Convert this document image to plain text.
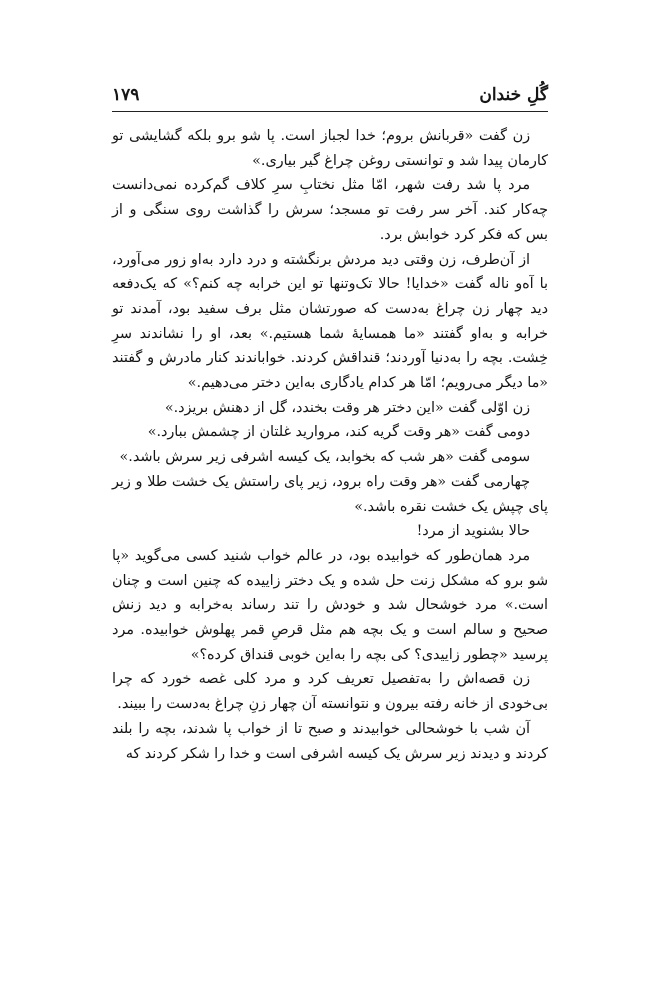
گُلِ خندان
۱۷۹

زن گفت «قربانش بروم؛ خدا لجباز است. پا شو برو بلکه گشایشی تو کارمان پیدا شد و توانستی روغن چراغ گیر بیاری.»

مرد پا شد رفت شهر، امّا مثل نختابِ سرِ کلاف گم‌کرده نمی‌دانست چه‌کار کند. آخر سر رفت تو مسجد؛ سرش را گذاشت روی سنگی و از بس که فکر کرد خوابش برد.

از آن‌طرف، زن وقتی دید مردش برنگشته و درد دارد به‌او زور می‌آورد، با آه‌و ناله گفت «خدایا! حالا تک‌وتنها تو این خرابه چه کنم؟» که یک‌دفعه دید چهار زن چراغ به‌دست که صورتشان مثل برف سفید بود، آمدند تو خرابه و به‌او گفتند «ما همسایهٔ شما هستیم.» بعد، او را نشاندند سرِ خِشت. بچه را به‌دنیا آوردند؛ قنداقش کردند. خواباندند کنار مادرش و گفتند «ما دیگر می‌رویم؛ امّا هر کدام یادگاری به‌این دختر می‌دهیم.»

زن اوّلی گفت «این دختر هر وقت بخندد، گل از دهنش بریزد.»

دومی گفت «هر وقت گریه کند، مروارید غلتان از چشمش ببارد.»

سومی گفت «هر شب که بخوابد، یک کیسه اشرفی زیر سرش باشد.»

چهارمی گفت «هر وقت راه برود، زیر پای راستش یک خشت طلا و زیر پای چپش یک خشت نقره باشد.»

حالا بشنوید از مرد!

مرد همان‌طور که خوابیده بود، در عالم خواب شنید کسی می‌گوید «پا شو برو که مشکل زنت حل شده و یک دختر زاییده که چنین است و چنان است.» مرد خوشحال شد و خودش را تند رساند به‌خرابه و دید زنش صحیح و سالم است و یک بچه هم مثل قرصِ قمر پهلوش خوابیده. مرد پرسید «چطور زاییدی؟ کی بچه را به‌این خوبی قنداق کرده؟»

زن قصه‌اش را به‌تفصیل تعریف کرد و مرد کلی غصه خورد که چرا بی‌خودی از خانه رفته بیرون و نتوانسته آن چهار زنِ چراغ به‌دست را ببیند.

آن شب با خوشحالی خوابیدند و صبح تا از خواب پا شدند، بچه را بلند کردند و دیدند زیر سرش یک کیسه اشرفی است و خدا را شکر کردند که
